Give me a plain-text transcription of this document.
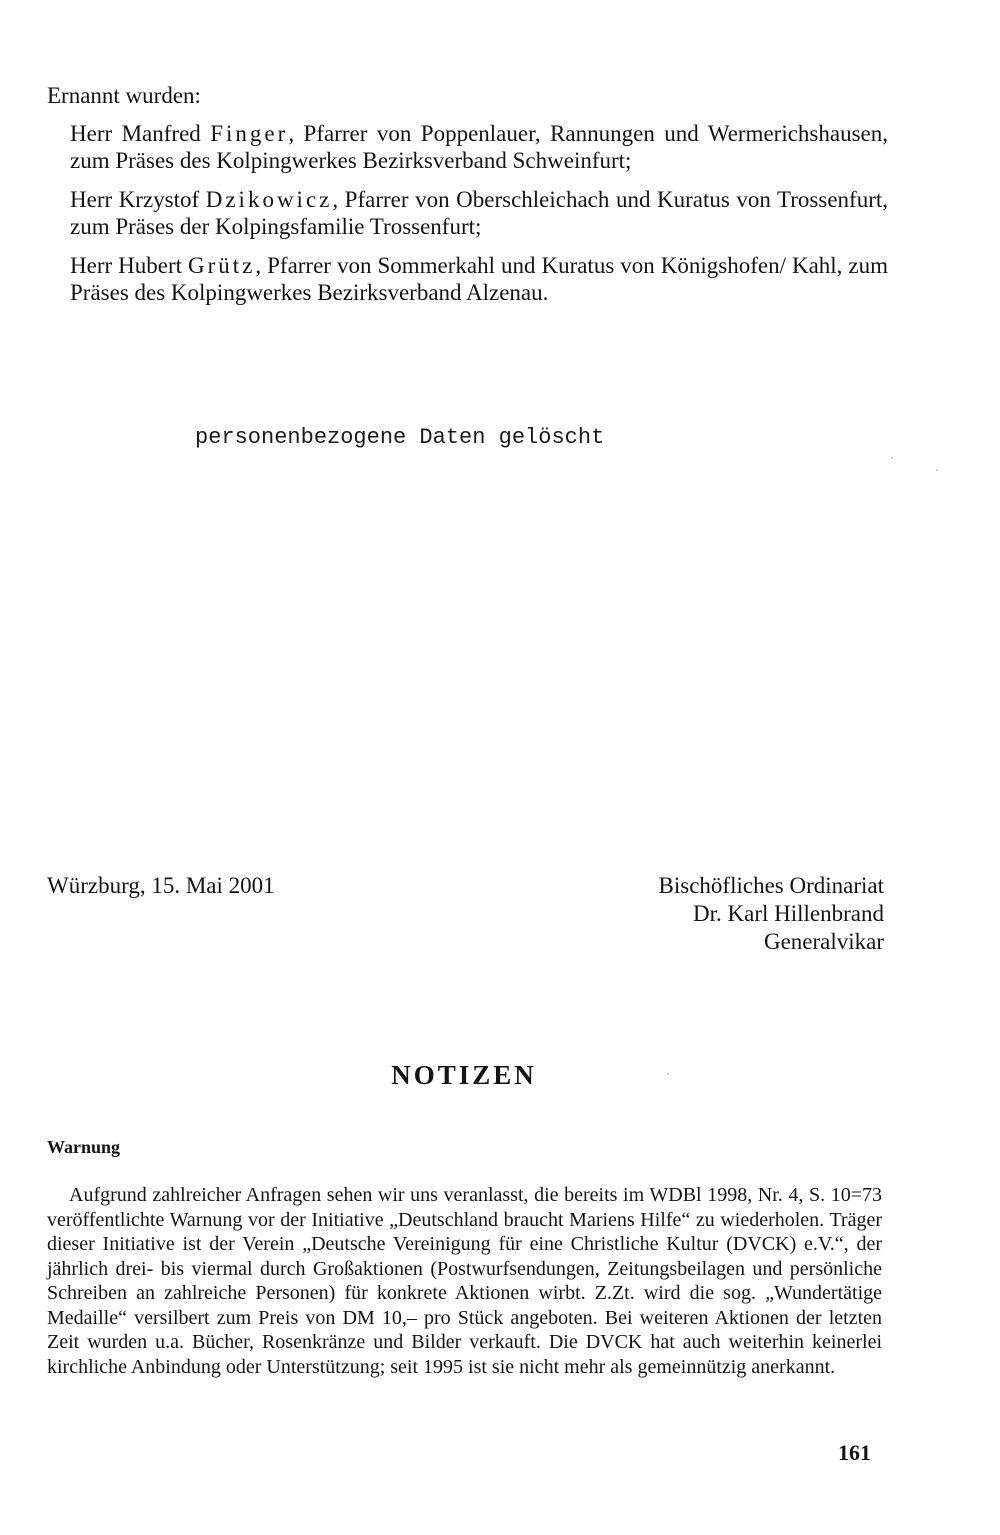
Ernannt wurden:

Herr Manfred Finger, Pfarrer von Poppenlauer, Rannungen und Wermerichshausen, zum Präses des Kolpingwerkes Bezirksverband Schweinfurt;

Herr Krzystof Dzikowicz, Pfarrer von Oberschleichach und Kuratus von Trossenfurt, zum Präses der Kolpingsfamilie Trossenfurt;

Herr Hubert Grütz, Pfarrer von Sommerkahl und Kuratus von Königshofen/ Kahl, zum Präses des Kolpingwerkes Bezirksverband Alzenau.

personenbezogene Daten gelöscht
Würzburg, 15. Mai 2001	Bischöfliches Ordinariat
Dr. Karl Hillenbrand
Generalvikar
NOTIZEN
Warnung

Aufgrund zahlreicher Anfragen sehen wir uns veranlasst, die bereits im WDBl 1998, Nr. 4, S. 10=73 veröffentlichte Warnung vor der Initiative „Deutschland braucht Mariens Hilfe“ zu wiederholen. Träger dieser Initiative ist der Verein „Deutsche Vereinigung für eine Christliche Kultur (DVCK) e.V.“, der jährlich drei- bis viermal durch Großaktionen (Postwurfsendungen, Zeitungsbeilagen und persönliche Schreiben an zahlreiche Personen) für konkrete Aktionen wirbt. Z.Zt. wird die sog. „Wundertätige Medaille“ versilbert zum Preis von DM 10,– pro Stück angeboten. Bei weiteren Aktionen der letzten Zeit wurden u.a. Bücher, Rosenkränze und Bilder verkauft. Die DVCK hat auch weiterhin keinerlei kirchliche Anbindung oder Unterstützung; seit 1995 ist sie nicht mehr als gemeinnützig anerkannt.

161
